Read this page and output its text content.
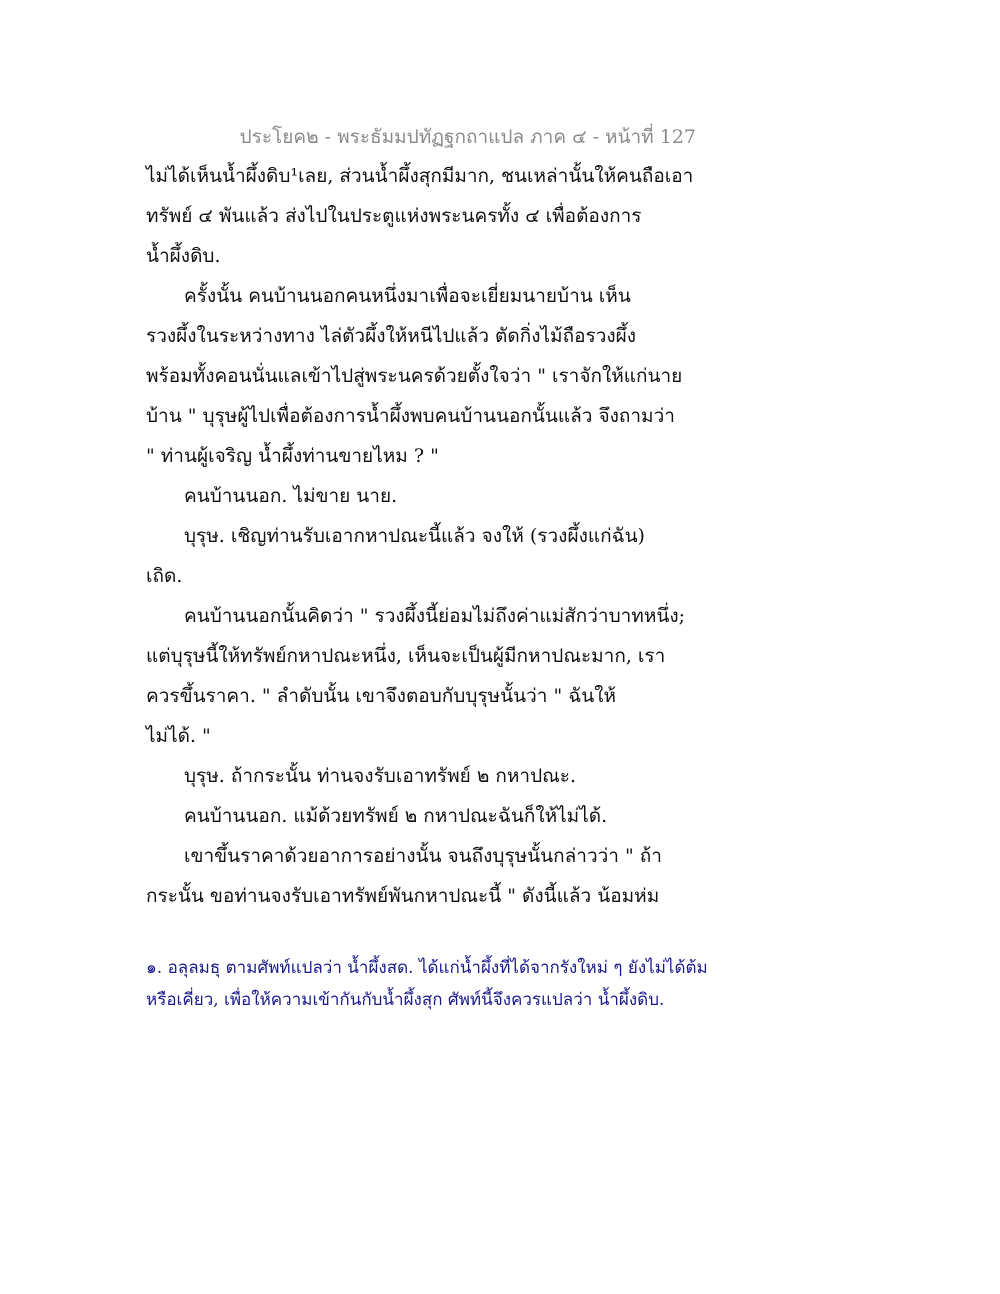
ประโยค๒ - พระธัมมปทัฏฐกถาแปล ภาค ๔ - หน้าที่ 127

ไม่ได้เห็นน้ำผึ้งดิบ¹เลย, ส่วนน้ำผึ้งสุกมีมาก, ชนเหล่านั้นให้คนถือเอา
ทรัพย์ ๔ พันแล้ว ส่งไปในประตูแห่งพระนครทั้ง ๔ เพื่อต้องการ
น้ำผึ้งดิบ.
ครั้งนั้น คนบ้านนอกคนหนึ่งมาเพื่อจะเยี่ยมนายบ้าน เห็น
รวงผึ้งในระหว่างทาง ไล่ตัวผึ้งให้หนีไปแล้ว ตัดกิ่งไม้ถือรวงผึ้ง
พร้อมทั้งคอนนั่นแลเข้าไปสู่พระนครด้วยตั้งใจว่า " เราจักให้แก่นาย
บ้าน " บุรุษผู้ไปเพื่อต้องการน้ำผึ้งพบคนบ้านนอกนั้นแล้ว จึงถามว่า
" ท่านผู้เจริญ น้ำผึ้งท่านขายไหม ? "
คนบ้านนอก. ไม่ขาย นาย.
บุรุษ. เชิญท่านรับเอากหาปณะนี้แล้ว จงให้ (รวงผึ้งแก่ฉัน)
เถิด.
คนบ้านนอกนั้นคิดว่า " รวงผึ้งนี้ย่อมไม่ถึงค่าแม่สักว่าบาทหนึ่ง;
แต่บุรุษนี้ให้ทรัพย์กหาปณะหนึ่ง, เห็นจะเป็นผู้มีกหาปณะมาก, เรา
ควรขึ้นราคา. " ลำดับนั้น เขาจึงตอบกับบุรุษนั้นว่า " ฉันให้
ไม่ได้. "
บุรุษ. ถ้ากระนั้น ท่านจงรับเอาทรัพย์ ๒ กหาปณะ.
คนบ้านนอก. แม้ด้วยทรัพย์ ๒ กหาปณะฉันก็ให้ไม่ได้.
เขาขึ้นราคาด้วยอาการอย่างนั้น จนถึงบุรุษนั้นกล่าวว่า " ถ้า
กระนั้น ขอท่านจงรับเอาทรัพย์พันกหาปณะนี้ " ดังนี้แล้ว น้อมห่ม
๑. อลุลมธุ ตามศัพท์แปลว่า น้ำผึ้งสด. ได้แก่น้ำผึ้งที่ได้จากรังใหม่ ๆ ยังไม่ได้ต้ม
หรือเคี่ยว, เพื่อให้ความเข้ากันกับน้ำผึ้งสุก ศัพท์นี้จึงควรแปลว่า น้ำผึ้งดิบ.
